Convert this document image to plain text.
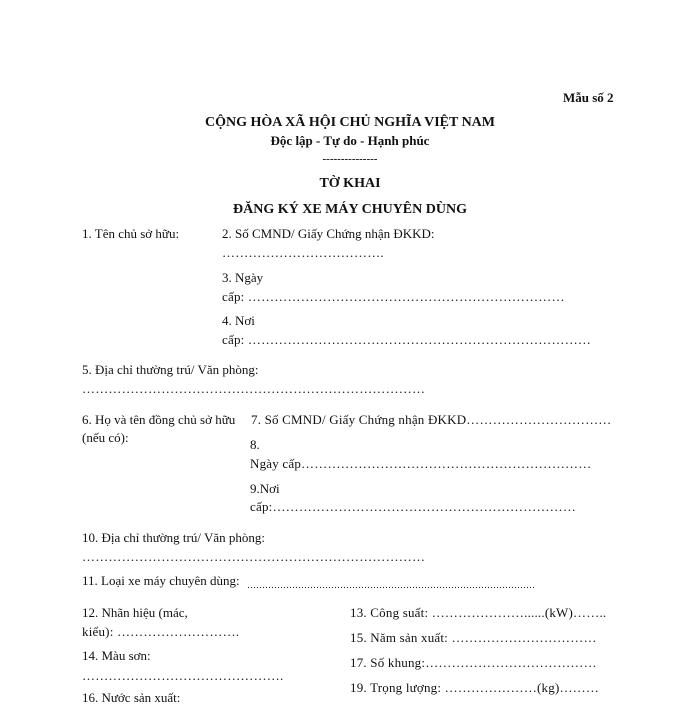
Mẫu số 2
CỘNG HÒA XÃ HỘI CHỦ NGHĨA VIỆT NAM
Độc lập - Tự do - Hạnh phúc
---------------
TỜ KHAI
ĐĂNG KÝ XE MÁY CHUYÊN DÙNG
1. Tên chủ sở hữu:	2. Số CMND/ Giấy Chứng nhận ĐKKD:
……………………………….
3. Ngày
cấp: ………………………………………………………………
4. Nơi
cấp: ……………………………………………………………………
5. Địa chỉ thường trú/ Văn phòng:
……………………………………………………………………
6. Họ và tên đồng chủ sở hữu
(nếu có):
7. Số CMND/ Giấy Chứng nhận ĐKKD……………………………
8.
Ngày cấp…………………………………………………………
9.Nơi
cấp:……………………………………………………………
10. Địa chỉ thường trú/ Văn phòng:
……………………………………………………………………
11. Loại xe máy chuyên dùng: ……………………………………………………………………………………
12. Nhãn hiệu (mác,
kiểu): ……………………….
13. Công suất: …………………......(kW)……..
15. Năm sản xuất: ……………………………
14. Màu sơn:
……………………………………….
17. Số khung:…………………………………
16. Nước sản xuất:
19. Trọng lượng: …………………(kg)………
